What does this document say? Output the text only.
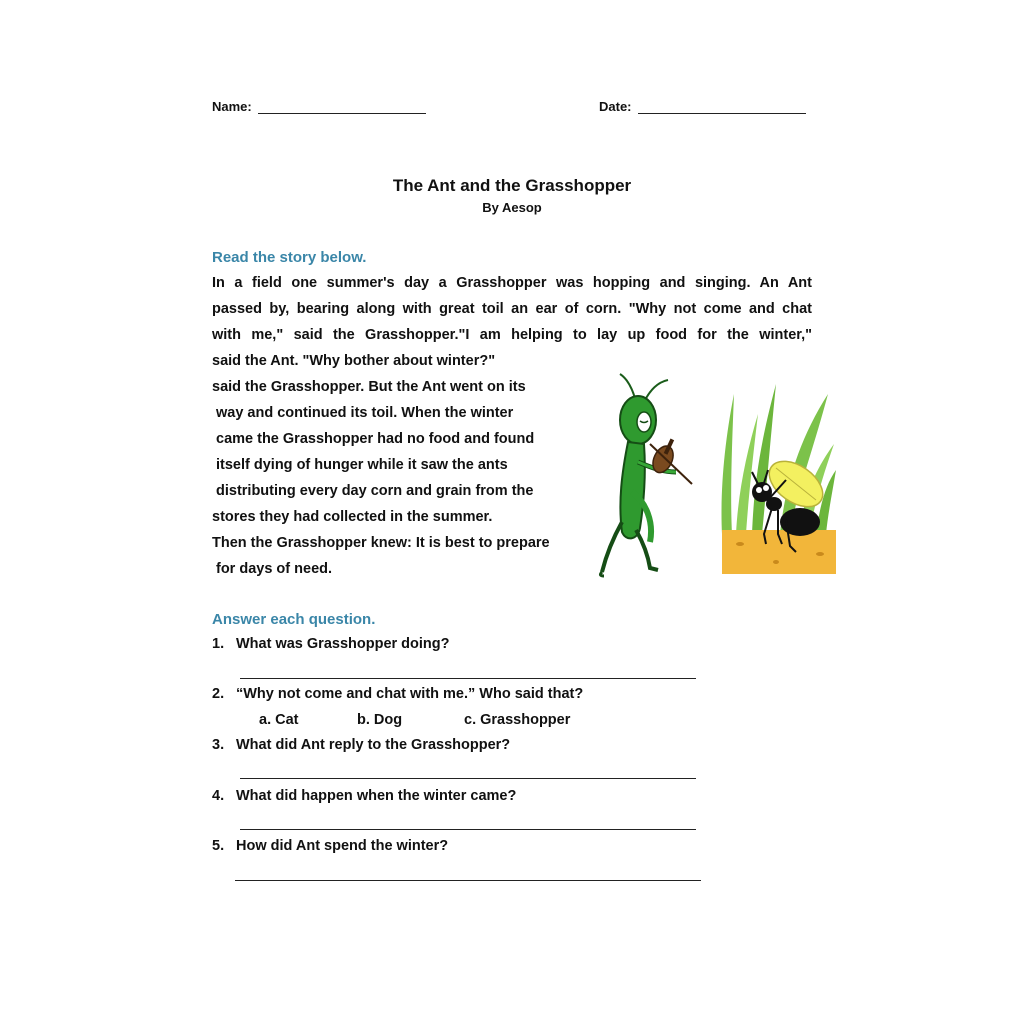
Name:	Date:
The Ant and the Grasshopper
By Aesop
Read the story below.
In a field one summer's day a Grasshopper was hopping and singing. An Ant
passed by, bearing along with great toil an ear of corn. "Why not come and chat
with me," said the Grasshopper."I am helping to lay up food for the winter,"
said the Ant. "Why bother about winter?"
said the Grasshopper. But the Ant went on its
way and continued its toil. When the winter
came the Grasshopper had no food and found
itself dying of hunger while it saw the ants
distributing every day corn and grain from the
stores they had collected in the summer.
Then the Grasshopper knew: It is best to prepare
for days of need.
Answer each question.
1. What was Grasshopper doing?
2. “Why not come and chat with me.” Who said that?
a. Cat	b. Dog	c. Grasshopper
3. What did Ant reply to the Grasshopper?
4. What did happen when the winter came?
5. How did Ant spend the winter?
